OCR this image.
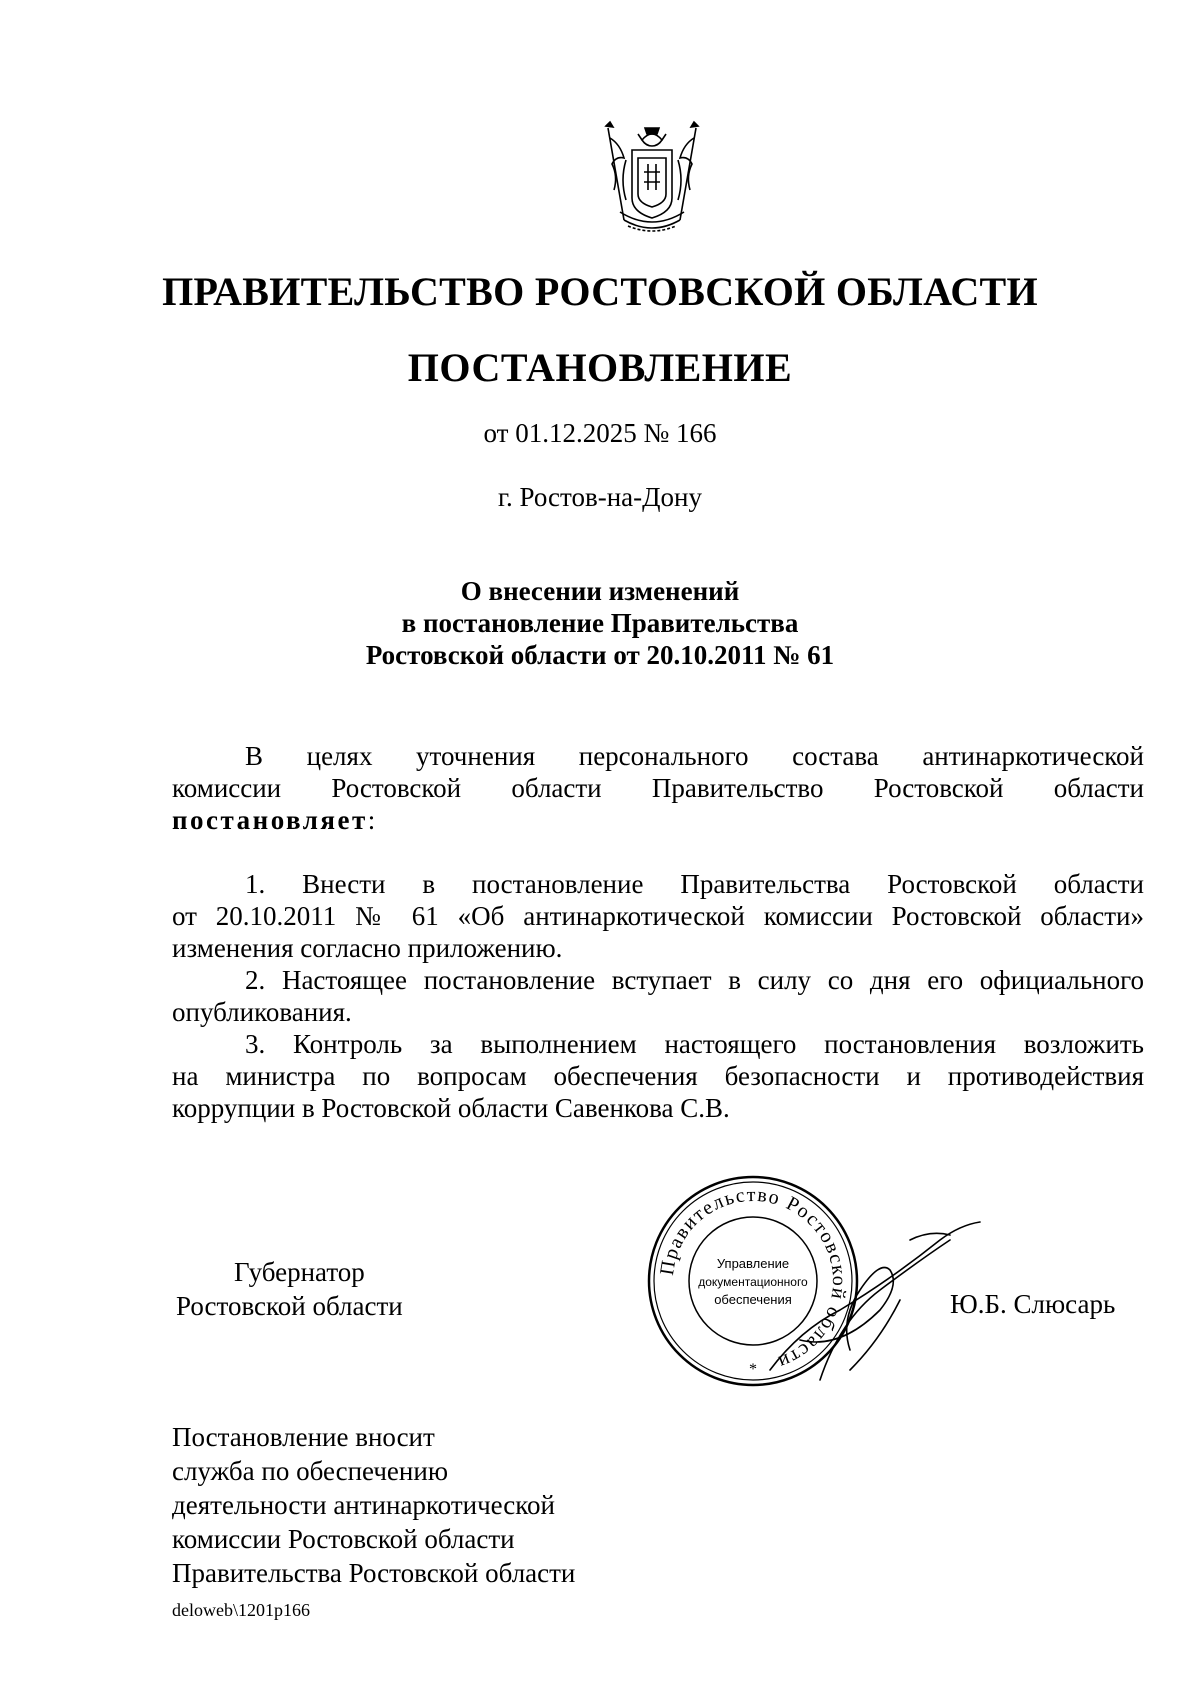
ПРАВИТЕЛЬСТВО РОСТОВСКОЙ ОБЛАСТИ
ПОСТАНОВЛЕНИЕ
от 01.12.2025 № 166
г. Ростов-на-Дону
О внесении изменений
в постановление Правительства
Ростовской области от 20.10.2011 № 61
В целях уточнения персонального состава антинаркотической
комиссии Ростовской области Правительство Ростовской области
постановляет:
1. Внести в постановление Правительства Ростовской области
от 20.10.2011 № 61 «Об антинаркотической комиссии Ростовской области»
изменения согласно приложению.
2. Настоящее постановление вступает в силу со дня его официального
опубликования.
3. Контроль за выполнением настоящего постановления возложить
на министра по вопросам обеспечения безопасности и противодействия
коррупции в Ростовской области Савенкова С.В.
Губернатор
Ростовской области
Правительство Ростовской области
Управление
документационного
обеспечения
*
Ю.Б. Слюсарь
Постановление вносит
служба по обеспечению
деятельности антинаркотической
комиссии Ростовской области
Правительства Ростовской области
deloweb\1201p166
